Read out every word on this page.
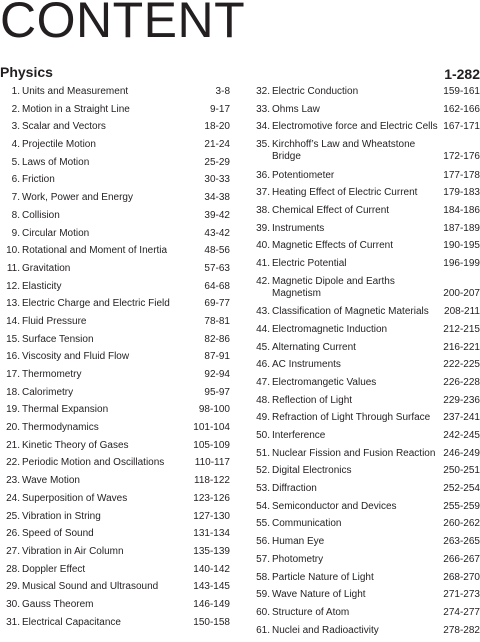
CONTENT
Physics	1-282
1. Units and Measurement	3-8
2. Motion in a Straight Line	9-17
3. Scalar and Vectors	18-20
4. Projectile Motion	21-24
5. Laws of Motion	25-29
6. Friction	30-33
7. Work, Power and Energy	34-38
8. Collision	39-42
9. Circular Motion	43-42
10. Rotational and Moment of Inertia	48-56
11. Gravitation	57-63
12. Elasticity	64-68
13. Electric Charge and Electric Field	69-77
14. Fluid Pressure	78-81
15. Surface Tension	82-86
16. Viscosity and Fluid Flow	87-91
17. Thermometry	92-94
18. Calorimetry	95-97
19. Thermal Expansion	98-100
20. Thermodynamics	101-104
21. Kinetic Theory of Gases	105-109
22. Periodic Motion and Oscillations	110-117
23. Wave Motion	118-122
24. Superposition of Waves	123-126
25. Vibration in String	127-130
26. Speed of Sound	131-134
27. Vibration in Air Column	135-139
28. Doppler Effect	140-142
29. Musical Sound and Ultrasound	143-145
30. Gauss Theorem	146-149
31. Electrical Capacitance	150-158
32. Electric Conduction	159-161
33. Ohms Law	162-166
34. Electromotive force and Electric Cells 167-171
35. Kirchhoff’s Law and Wheatstone
Bridge	172-176
36. Potentiometer	177-178
37. Heating Effect of Electric Current	179-183
38. Chemical Effect of Current	184-186
39. Instruments	187-189
40. Magnetic Effects of Current	190-195
41. Electric Potential	196-199
42. Magnetic Dipole and Earths
Magnetism	200-207
43. Classification of Magnetic Materials 208-211
44. Electromagnetic Induction	212-215
45. Alternating Current	216-221
46. AC Instruments	222-225
47. Electromangetic Values	226-228
48. Reflection of Light	229-236
49. Refraction of Light Through Surface 237-241
50. Interference	242-245
51. Nuclear Fission and Fusion Reaction 246-249
52. Digital Electronics	250-251
53. Diffraction	252-254
54. Semiconductor and Devices	255-259
55. Communication	260-262
56. Human Eye	263-265
57. Photometry	266-267
58. Particle Nature of Light	268-270
59. Wave Nature of Light	271-273
60. Structure of Atom	274-277
61. Nuclei and Radioactivity	278-282
